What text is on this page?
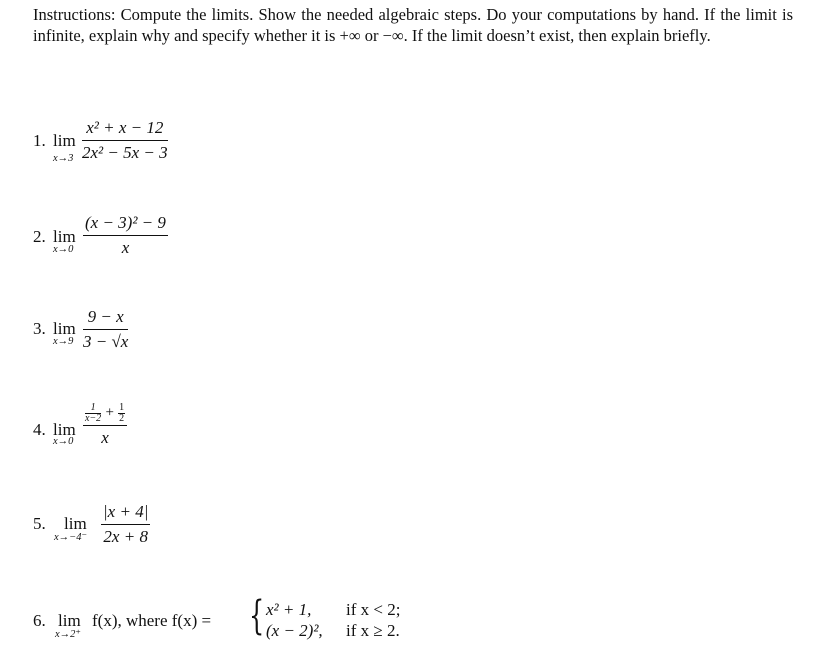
Instructions: Compute the limits. Show the needed algebraic steps. Do your computations by hand. If the limit is infinite, explain why and specify whether it is +∞ or −∞. If the limit doesn’t exist, then explain briefly.
1. lim
$x\to 3 \frac{\text{x² + x − 12}}{\text{2x² − 5x − 3}}$
2. lim
$x\to 0 \frac{\text{(x − 3)² − 9}}{x}$
3. lim
$x\to 9 \frac{9 - x}{3 - √x}$
4. lim
$x\to 0 \frac{\frac{1}{x-2} + \frac{1}{2}}{x}$
5. lim
$x\to-4^- \frac{|x + 4|}{2x + 8}$
6. lim
x→2⁺
f(x), where f(x) = { x² + 1, if x < 2;
(x − 2)², if x ≥ 2.
